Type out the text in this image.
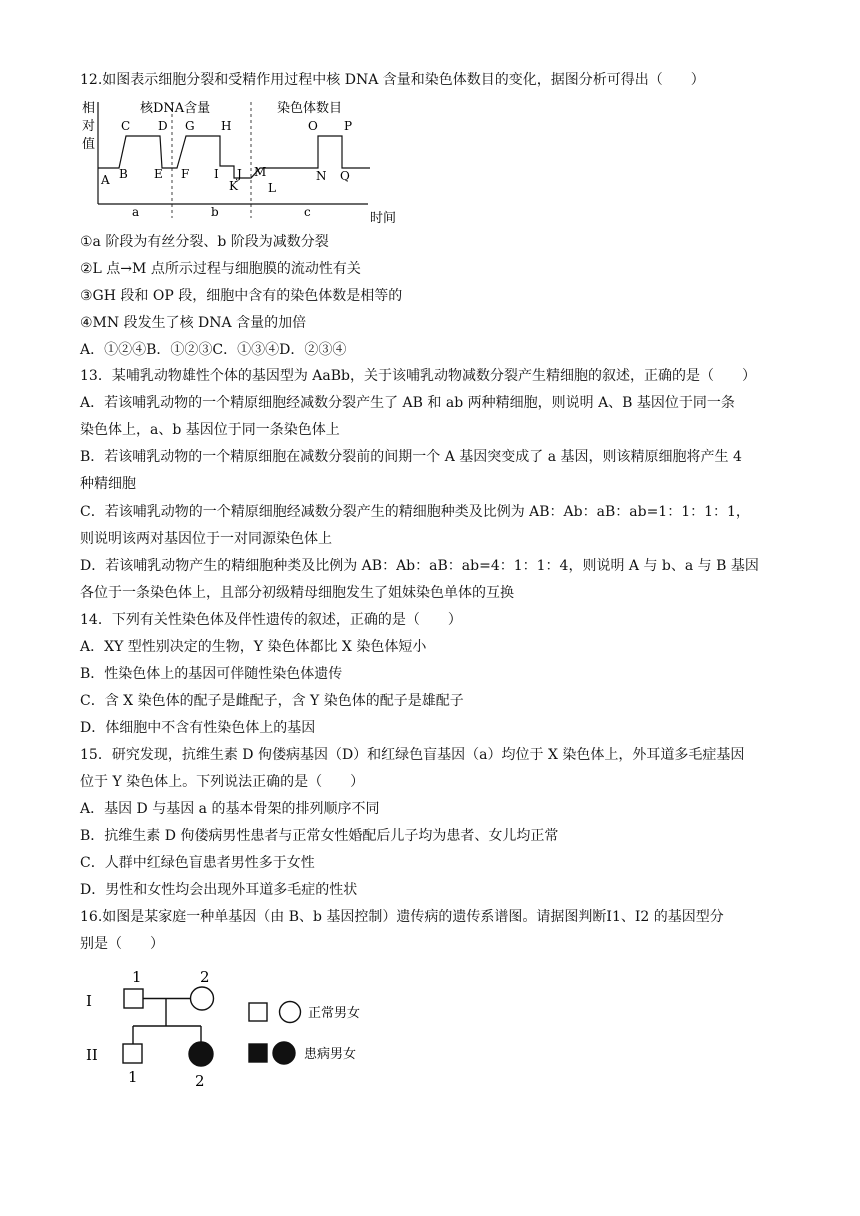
12.如图表示细胞分裂和受精作用过程中核 DNA 含量和染色体数目的变化，据图分析可得出（　　）
相
对
值
核DNA含量	染色体数目
A B
C D
E F
G H
I J
K	L
M	N
O P
Q
a	b	c	时间
①a 阶段为有丝分裂、b 阶段为减数分裂
②L 点→M 点所示过程与细胞膜的流动性有关
③GH 段和 OP 段，细胞中含有的染色体数是相等的
④MN 段发生了核 DNA 含量的加倍
A．①②④B．①②③C．①③④D．②③④
13．某哺乳动物雄性个体的基因型为 AaBb，关于该哺乳动物减数分裂产生精细胞的叙述，正确的是（　　）
A．若该哺乳动物的一个精原细胞经减数分裂产生了 AB 和 ab 两种精细胞，则说明 A、B 基因位于同一条
染色体上，a、b 基因位于同一条染色体上
B．若该哺乳动物的一个精原细胞在减数分裂前的间期一个 A 基因突变成了 a 基因，则该精原细胞将产生 4
种精细胞
C．若该哺乳动物的一个精原细胞经减数分裂产生的精细胞种类及比例为 AB：Ab：aB：ab=1：1：1：1，
则说明该两对基因位于一对同源染色体上
D．若该哺乳动物产生的精细胞种类及比例为 AB：Ab：aB：ab=4：1：1：4，则说明 A 与 b、a 与 B 基因
各位于一条染色体上，且部分初级精母细胞发生了姐妹染色单体的互换
14．下列有关性染色体及伴性遗传的叙述，正确的是（　　）
A．XY 型性别决定的生物，Y 染色体都比 X 染色体短小
B．性染色体上的基因可伴随性染色体遗传
C．含 X 染色体的配子是雌配子，含 Y 染色体的配子是雄配子
D．体细胞中不含有性染色体上的基因
15．研究发现，抗维生素 D 佝偻病基因（D）和红绿色盲基因（a）均位于 X 染色体上，外耳道多毛症基因
位于 Y 染色体上。下列说法正确的是（　　）
A．基因 D 与基因 a 的基本骨架的排列顺序不同
B．抗维生素 D 佝偻病男性患者与正常女性婚配后儿子均为患者、女儿均正常
C．人群中红绿色盲患者男性多于女性
D．男性和女性均会出现外耳道多毛症的性状
16.如图是某家庭一种单基因（由 B、b 基因控制）遗传病的遗传系谱图。请据图判断Ⅰ1、Ⅰ2 的基因型分
别是（　　）
I
II
1	2
1	2
正常男女
患病男女
